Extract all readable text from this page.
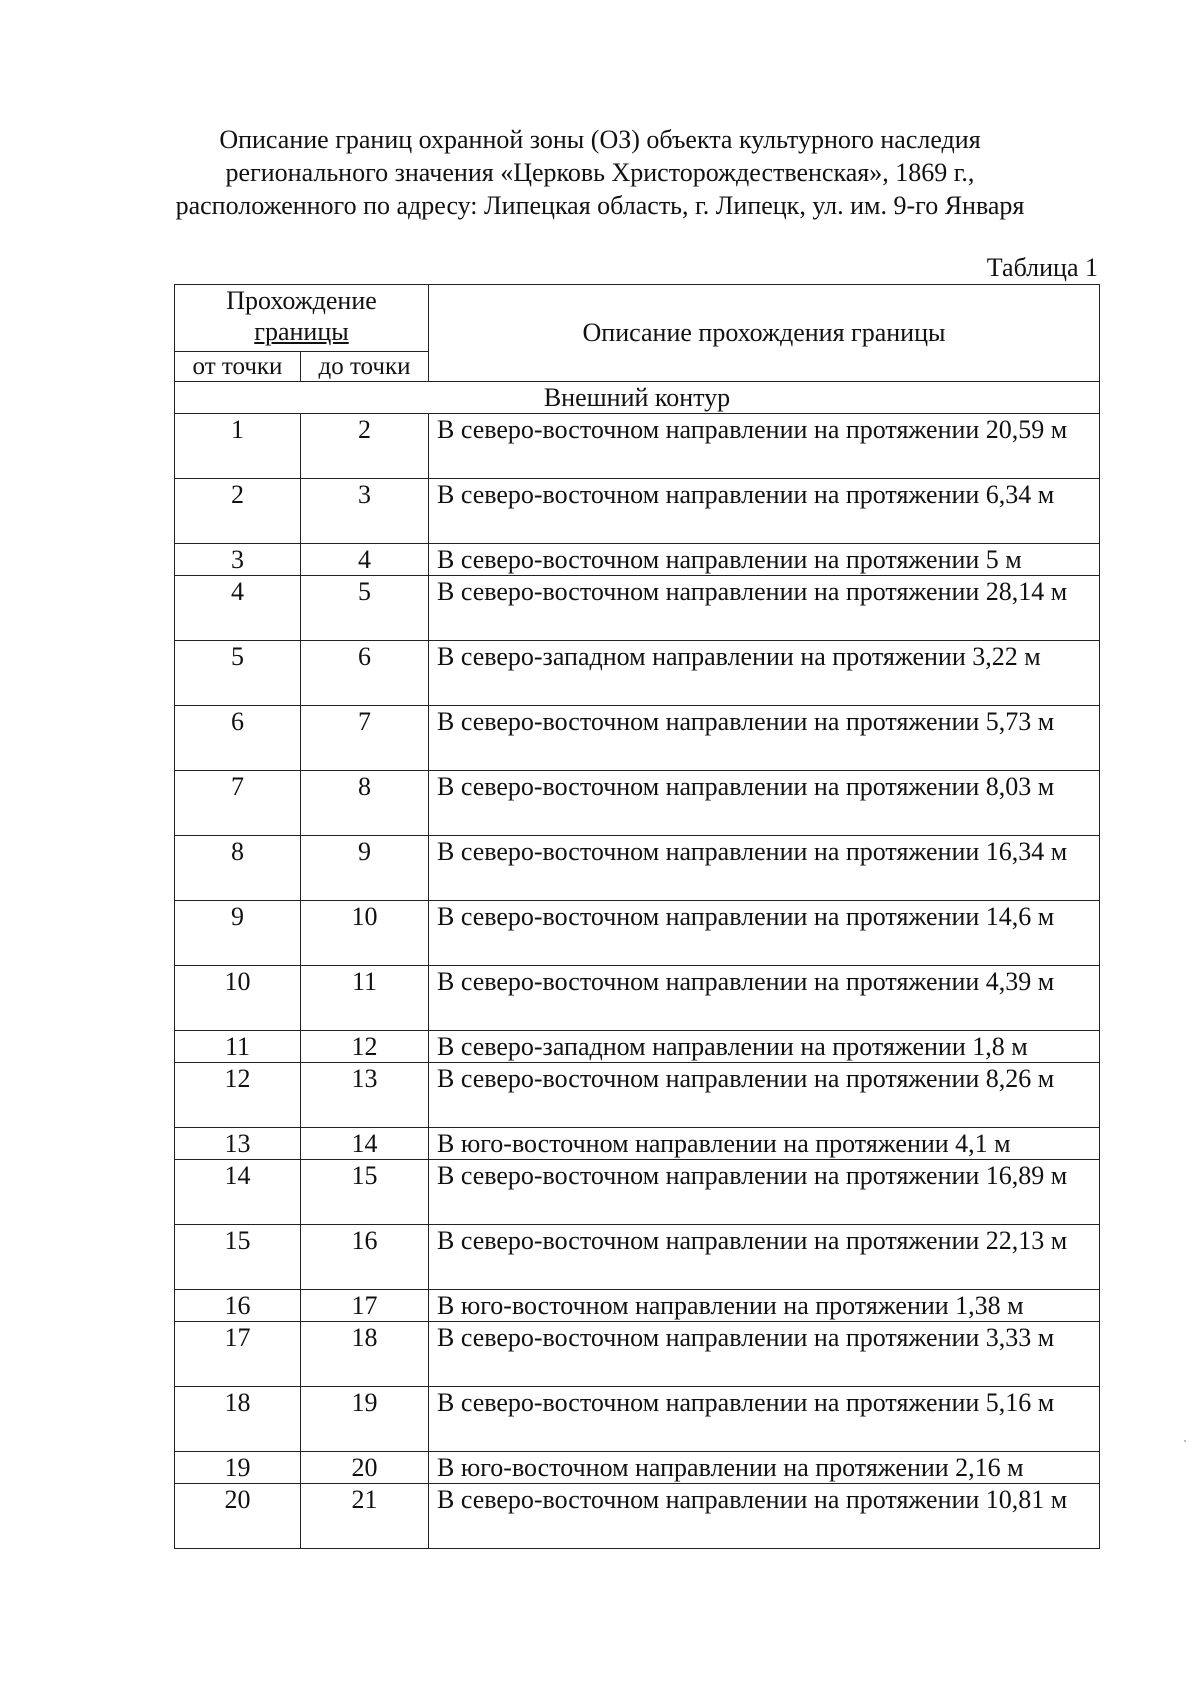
Описание границ охранной зоны (ОЗ) объекта культурного наследия
регионального значения «Церковь Христорождественская», 1869 г.,
расположенного по адресу: Липецкая область, г. Липецк, ул. им. 9-го Января
Таблица 1
Прохождение
границы		Описание прохождения границы
от точки	до точки	
Внешний контур		
1	2	В северо-восточном направлении на протяжении 20,59 м
2	3	В северо-восточном направлении на протяжении 6,34 м
3	4	В северо-восточном направлении на протяжении 5 м
4	5	В северо-восточном направлении на протяжении 28,14 м
5	6	В северо-западном направлении на протяжении 3,22 м
6	7	В северо-восточном направлении на протяжении 5,73 м
7	8	В северо-восточном направлении на протяжении 8,03 м
8	9	В северо-восточном направлении на протяжении 16,34 м
9	10	В северо-восточном направлении на протяжении 14,6 м
10	11	В северо-восточном направлении на протяжении 4,39 м
11	12	В северо-западном направлении на протяжении 1,8 м
12	13	В северо-восточном направлении на протяжении 8,26 м
13	14	В юго-восточном направлении на протяжении 4,1 м
14	15	В северо-восточном направлении на протяжении 16,89 м
15	16	В северо-восточном направлении на протяжении 22,13 м
16	17	В юго-восточном направлении на протяжении 1,38 м
17	18	В северо-восточном направлении на протяжении 3,33 м
18	19	В северо-восточном направлении на протяжении 5,16 м
19	20	В юго-восточном направлении на протяжении 2,16 м
20	21	В северо-восточном направлении на протяжении 10,81 м
